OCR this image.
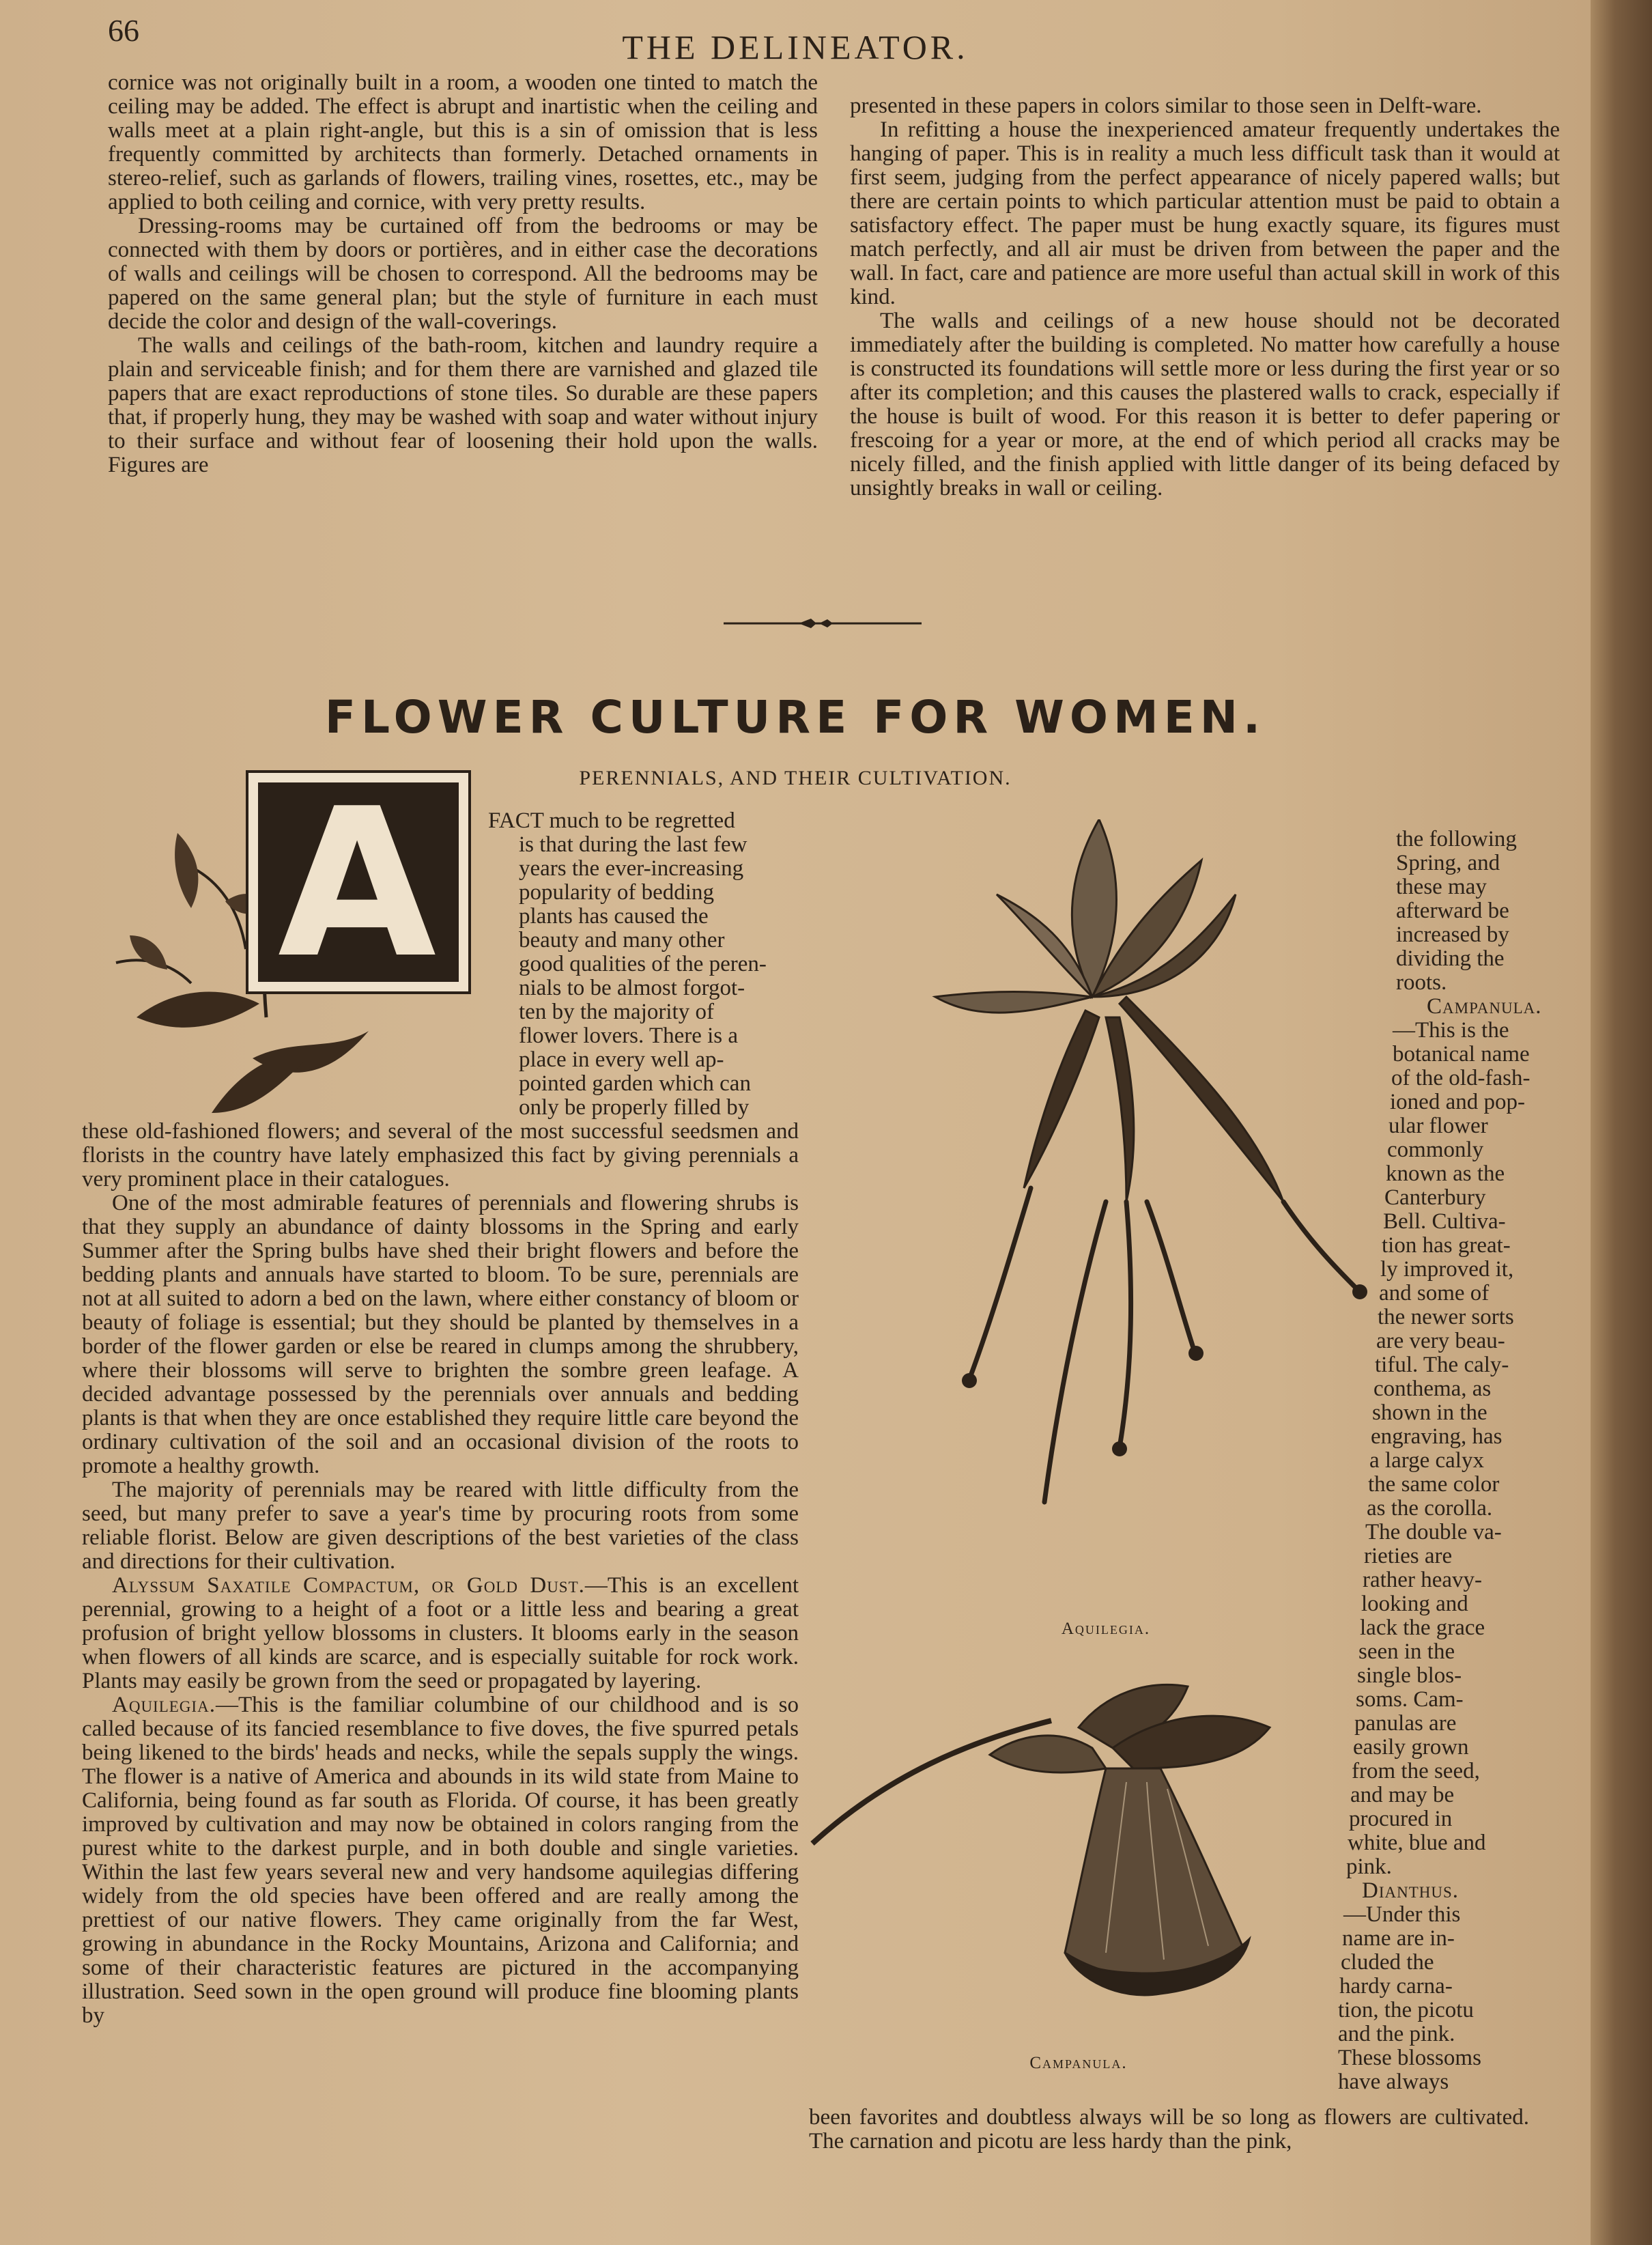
66	THE DELINEATOR.

cornice was not originally built in a room, a wooden one tinted to match the ceiling may be added. The effect is abrupt and inartistic when the ceiling and walls meet at a plain right-angle, but this is a sin of omission that is less frequently committed by architects than formerly. Detached ornaments in stereo-relief, such as garlands of flowers, trailing vines, rosettes, etc., may be applied to both ceiling and cornice, with very pretty results.

Dressing-rooms may be curtained off from the bedrooms or may be connected with them by doors or portières, and in either case the decorations of walls and ceilings will be chosen to correspond. All the bedrooms may be papered on the same general plan; but the style of furniture in each must decide the color and design of the wall-coverings.

The walls and ceilings of the bath-room, kitchen and laundry require a plain and serviceable finish; and for them there are varnished and glazed tile papers that are exact reproductions of stone tiles. So durable are these papers that, if properly hung, they may be washed with soap and water without injury to their surface and without fear of loosening their hold upon the walls. Figures are

presented in these papers in colors similar to those seen in Delft-ware.

In refitting a house the inexperienced amateur frequently undertakes the hanging of paper. This is in reality a much less difficult task than it would at first seem, judging from the perfect appearance of nicely papered walls; but there are certain points to which particular attention must be paid to obtain a satisfactory effect. The paper must be hung exactly square, its figures must match perfectly, and all air must be driven from between the paper and the wall. In fact, care and patience are more useful than actual skill in work of this kind.

The walls and ceilings of a new house should not be decorated immediately after the building is completed. No matter how carefully a house is constructed its foundations will settle more or less during the first year or so after its completion; and this causes the plastered walls to crack, especially if the house is built of wood. For this reason it is better to defer papering or frescoing for a year or more, at the end of which period all cracks may be nicely filled, and the finish applied with little danger of its being defaced by unsightly breaks in wall or ceiling.

FLOWER CULTURE FOR WOMEN.
PERENNIALS, AND THEIR CULTIVATION.
A FACT much to be regretted
is that during the last few
years the ever-increasing
popularity of bedding
plants has caused the
beauty and many other
good qualities of the peren-
nials to be almost forgot-
ten by the majority of
flower lovers. There is a
place in every well ap-
pointed garden which can
only be properly filled by

these old-fashioned flowers; and several of the most successful seedsmen and florists in the country have lately emphasized this fact by giving perennials a very prominent place in their catalogues.

One of the most admirable features of perennials and flowering shrubs is that they supply an abundance of dainty blossoms in the Spring and early Summer after the Spring bulbs have shed their bright flowers and before the bedding plants and annuals have started to bloom. To be sure, perennials are not at all suited to adorn a bed on the lawn, where either constancy of bloom or beauty of foliage is essential; but they should be planted by themselves in a border of the flower garden or else be reared in clumps among the shrubbery, where their blossoms will serve to brighten the sombre green leafage. A decided advantage possessed by the perennials over annuals and bedding plants is that when they are once established they require little care beyond the ordinary cultivation of the soil and an occasional division of the roots to promote a healthy growth.

The majority of perennials may be reared with little difficulty from the seed, but many prefer to save a year's time by procuring roots from some reliable florist. Below are given descriptions of the best varieties of the class and directions for their cultivation.

Alyssum Saxatile Compactum, or Gold Dust.—This is an excellent perennial, growing to a height of a foot or a little less and bearing a great profusion of bright yellow blossoms in clusters. It blooms early in the season when flowers of all kinds are scarce, and is especially suitable for rock work. Plants may easily be grown from the seed or propagated by layering.

Aquilegia.—This is the familiar columbine of our childhood and is so called because of its fancied resemblance to five doves, the five spurred petals being likened to the birds' heads and necks, while the sepals supply the wings. The flower is a native of America and abounds in its wild state from Maine to California, being found as far south as Florida. Of course, it has been greatly improved by cultivation and may now be obtained in colors ranging from the purest white to the darkest purple, and in both double and single varieties. Within the last few years several new and very handsome aquilegias differing widely from the old species have been offered and are really among the prettiest of our native flowers. They came originally from the far West, growing in abundance in the Rocky Mountains, Arizona and California; and some of their characteristic features are pictured in the accompanying illustration. Seed sown in the open ground will produce fine blooming plants by

Aquilegia.
Campanula.
the following
Spring, and
these may
afterward be
increased by
dividing the
roots.
Campanula.
—This is the
botanical name
of the old-fash-
ioned and pop-
ular flower
commonly
known as the
Canterbury
Bell. Cultiva-
tion has great-
ly improved it,
and some of
the newer sorts
are very beau-
tiful. The caly-
conthema, as
shown in the
engraving, has
a large calyx
the same color
as the corolla.
The double va-
rieties are
rather heavy-
looking and
lack the grace
seen in the
single blos-
soms. Cam-
panulas are
easily grown
from the seed,
and may be
procured in
white, blue and
pink.
Dianthus.
—Under this
name are in-
cluded the
hardy carna-
tion, the picotu
and the pink.
These blossoms
have always
been favorites and doubtless always will be so long as flowers are cultivated. The carnation and picotu are less hardy than the pink,
